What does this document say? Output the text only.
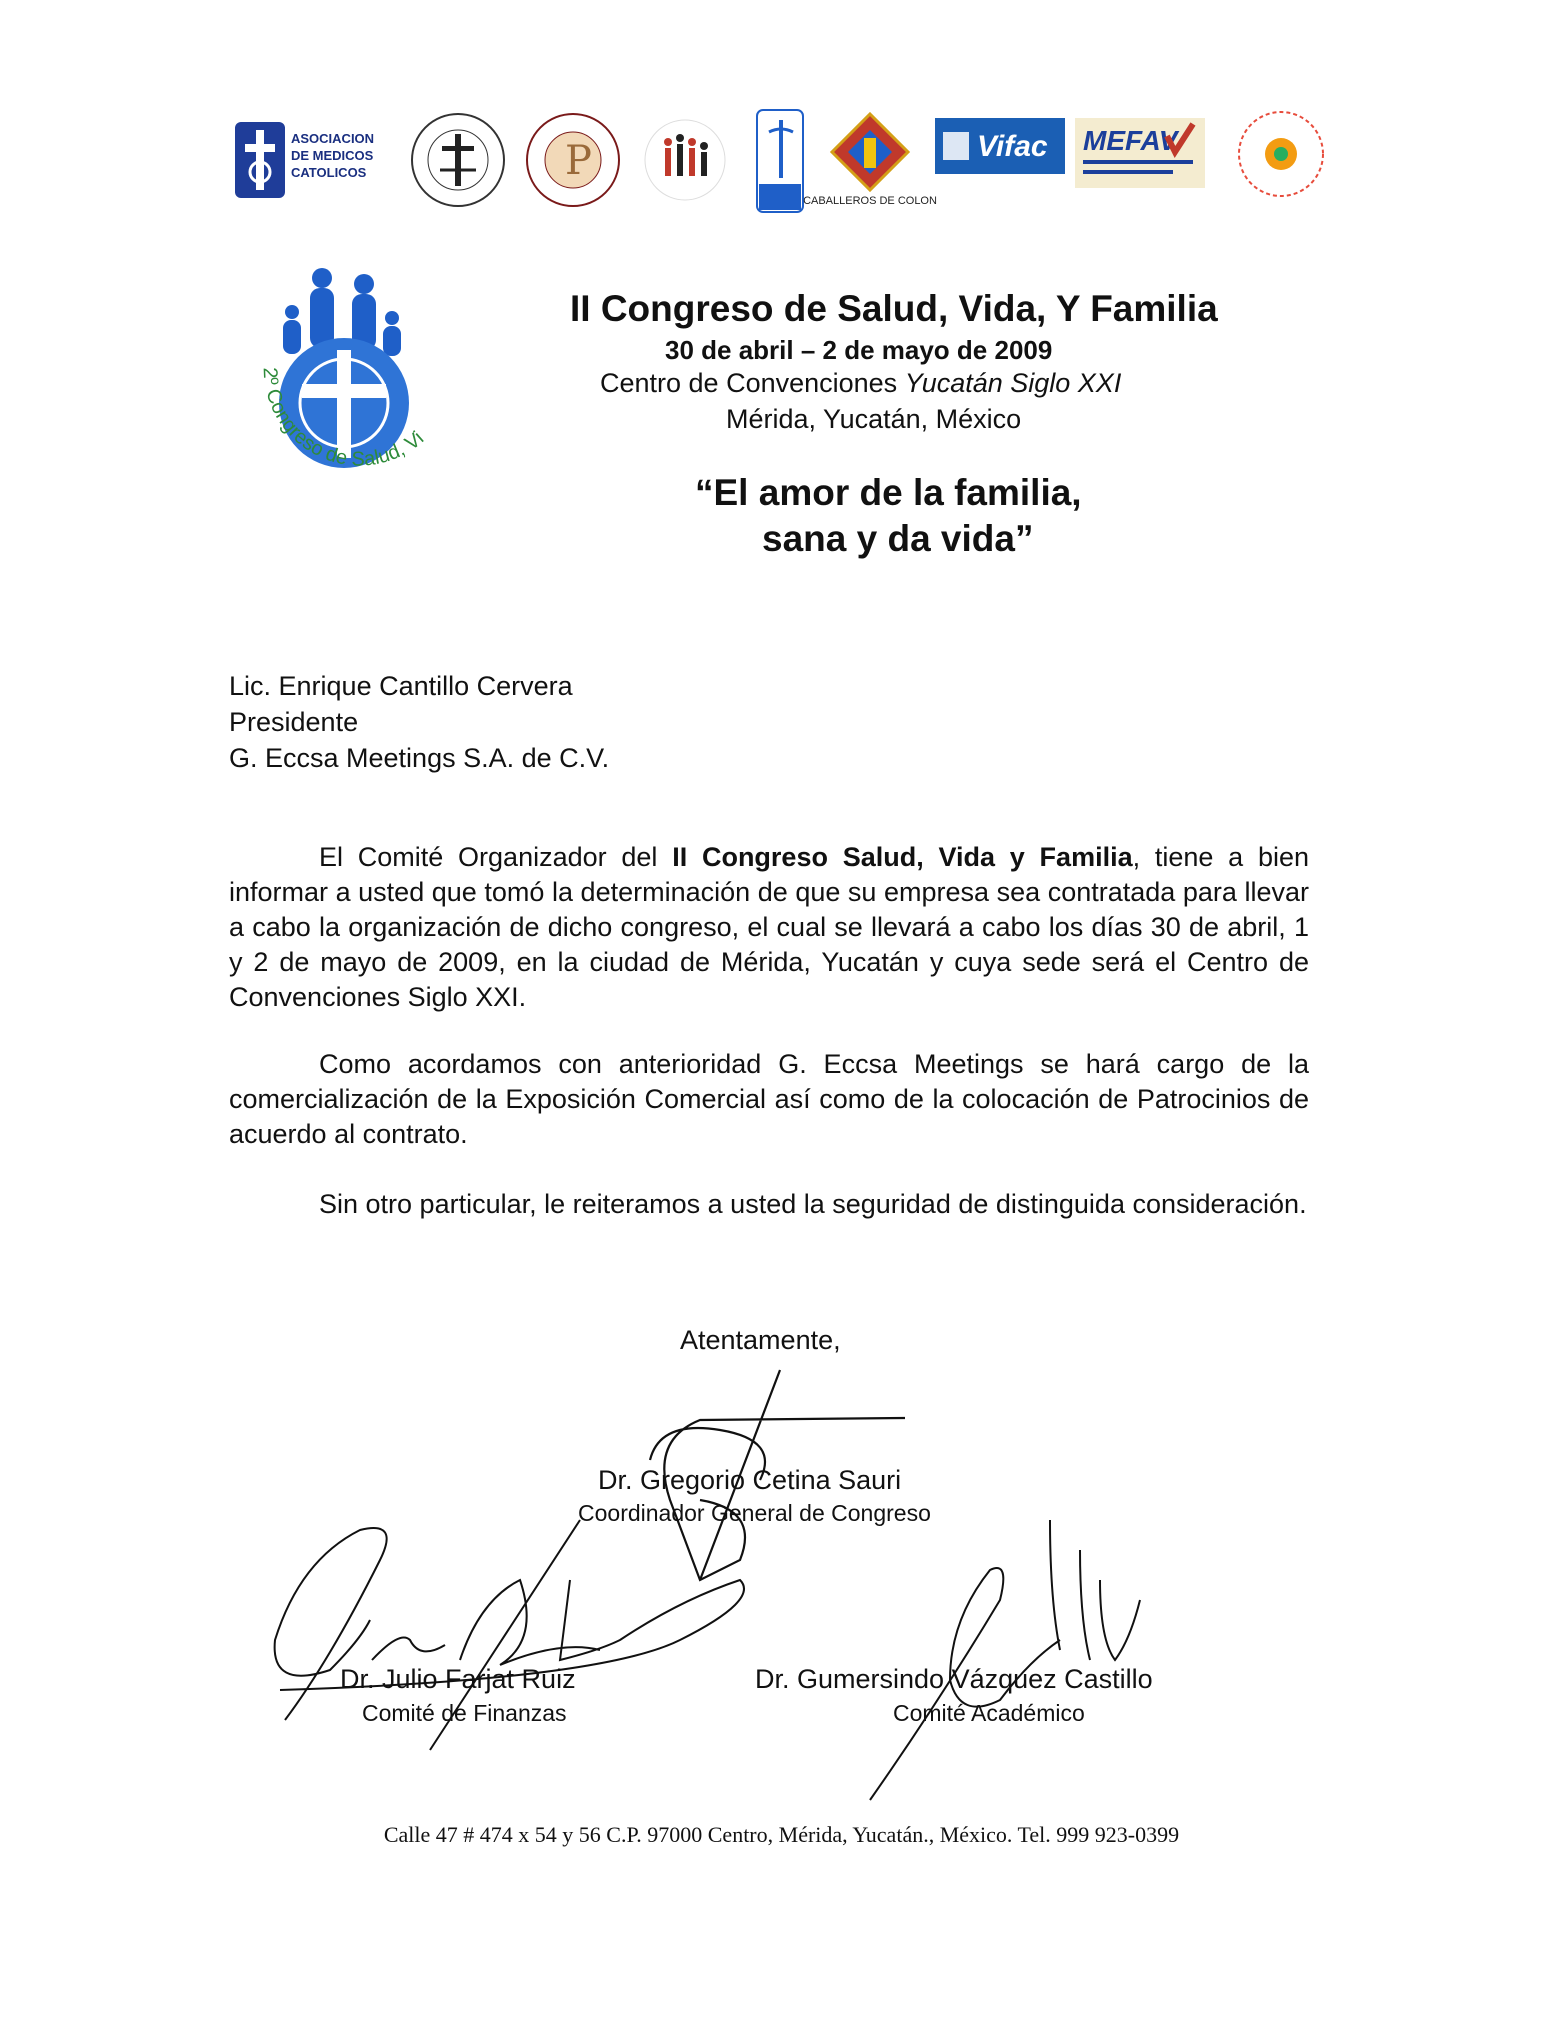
ASOCIACION
DE MEDICOS
CATOLICOS	P
CABALLEROS DE COLON
Vifac MEFAV
2º Congreso de Salud, Vi
II Congreso de Salud, Vida, Y Familia
30 de abril – 2 de mayo de 2009
Centro de Convenciones Yucatán Siglo XXI
Mérida, Yucatán, México
“El amor de la familia,
sana y da vida”
Lic. Enrique Cantillo Cervera
Presidente
G. Eccsa Meetings S.A. de C.V.
El Comité Organizador del II Congreso Salud, Vida y Familia, tiene a bien informar a usted que tomó la determinación de que su empresa sea contratada para llevar a cabo la organización de dicho congreso, el cual se llevará a cabo los días 30 de abril, 1 y 2 de mayo de 2009, en la ciudad de Mérida, Yucatán y cuya sede será el Centro de Convenciones Siglo XXI.
Como acordamos con anterioridad G. Eccsa Meetings se hará cargo de la comercialización de la Exposición Comercial así como de la colocación de Patrocinios de acuerdo al contrato.
Sin otro particular, le reiteramos a usted la seguridad de distinguida consideración.
Atentamente,
Dr. Gregorio Cetina Sauri
Coordinador General de Congreso
Dr. Julio Farjat Ruiz
Comité de Finanzas
Dr. Gumersindo Vázquez Castillo
Comité Académico
Calle 47 # 474 x 54 y 56 C.P. 97000 Centro, Mérida, Yucatán., México. Tel. 999 923-0399
